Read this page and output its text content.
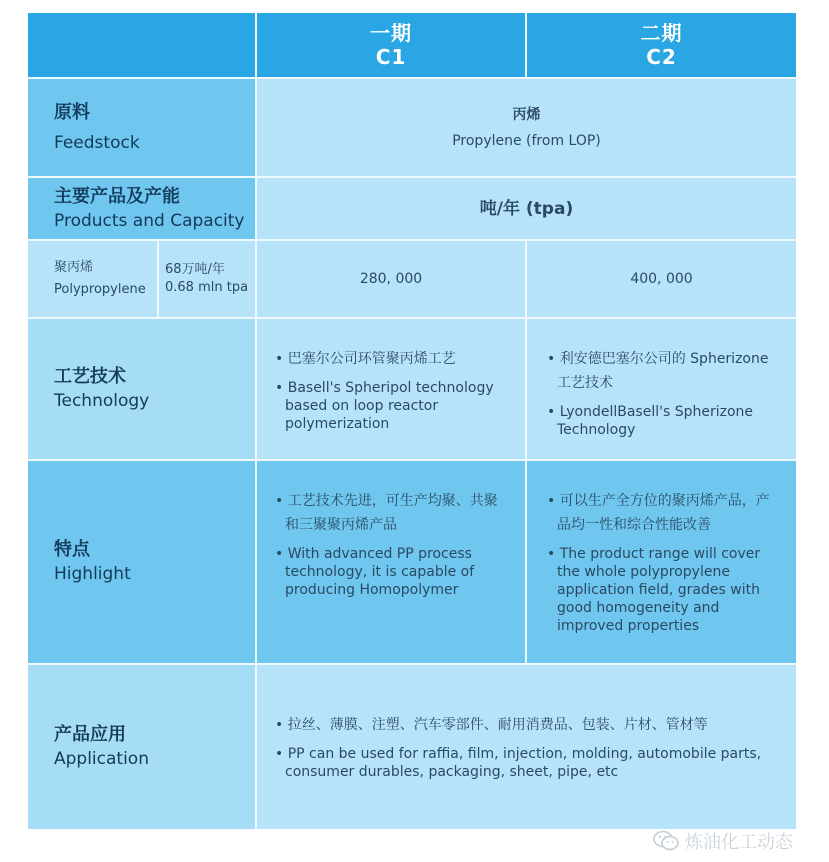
一期
C1
二期
C2
原料
Feedstock
丙烯
Propylene (from LOP)
主要产品及产能
Products and Capacity
吨/年 (tpa)
聚丙烯
Polypropylene
68万吨/年
0.68 mln tpa
280, 000	400, 000
工艺技术
Technology

• 巴塞尔公司环管聚丙烯工艺

• Basell's Spheripol technology based on loop reactor polymerization

• 利安德巴塞尔公司的 Spherizone工艺技术

• LyondellBasell's Spherizone Technology

特点
Highlight

• 工艺技术先进，可生产均聚、共聚和三聚聚丙烯产品

• With advanced PP process technology, it is capable of producing Homopolymer

• 可以生产全方位的聚丙烯产品，产品均一性和综合性能改善

• The product range will cover the whole polypropylene application field, grades with good homogeneity and improved properties

产品应用
Application

• 拉丝、薄膜、注塑、汽车零部件、耐用消费品、包装、片材、管材等

• PP can be used for raffia, film, injection, molding, automobile parts, consumer durables, packaging, sheet, pipe, etc

炼油化工动态
